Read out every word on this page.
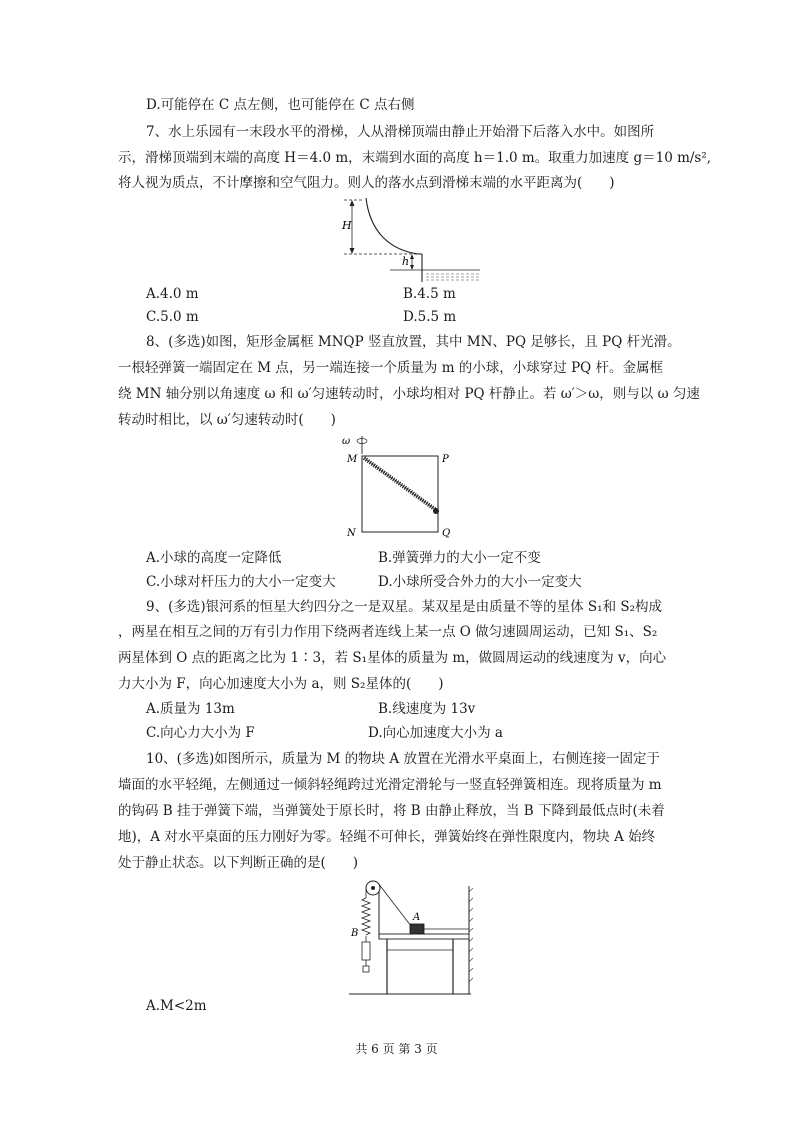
D.可能停在 C 点左侧，也可能停在 C 点右侧
7、水上乐园有一末段水平的滑梯，人从滑梯顶端由静止开始滑下后落入水中。如图所
示，滑梯顶端到末端的高度 H＝4.0 m，末端到水面的高度 h＝1.0 m。取重力加速度 g＝10 m/s²,
将人视为质点，不计摩擦和空气阻力。则人的落水点到滑梯末端的水平距离为(　　)
H
h
A.4.0 m	B.4.5 m
C.5.0 m	D.5.5 m
8、(多选)如图，矩形金属框 MNQP 竖直放置，其中 MN、PQ 足够长，且 PQ 杆光滑。
一根轻弹簧一端固定在 M 点，另一端连接一个质量为 m 的小球，小球穿过 PQ 杆。金属框
绕 MN 轴分别以角速度 ω 和 ω′匀速转动时，小球均相对 PQ 杆静止。若 ω′＞ω，则与以 ω 匀速
转动时相比，以 ω′匀速转动时(　　)
ω
M	P
N	Q
A.小球的高度一定降低	B.弹簧弹力的大小一定不变
C.小球对杆压力的大小一定变大	D.小球所受合外力的大小一定变大
9、(多选)银河系的恒星大约四分之一是双星。某双星是由质量不等的星体 S₁和 S₂构成
，两星在相互之间的万有引力作用下绕两者连线上某一点 O 做匀速圆周运动，已知 S₁、S₂
两星体到 O 点的距离之比为 1∶3，若 S₁星体的质量为 m，做圆周运动的线速度为 v，向心
力大小为 F，向心加速度大小为 a，则 S₂星体的(　　)
A.质量为 13m	B.线速度为 13v
C.向心力大小为 F	D.向心加速度大小为 a
10、(多选)如图所示，质量为 M 的物块 A 放置在光滑水平桌面上，右侧连接一固定于
墙面的水平轻绳，左侧通过一倾斜轻绳跨过光滑定滑轮与一竖直轻弹簧相连。现将质量为 m
的钩码 B 挂于弹簧下端，当弹簧处于原长时，将 B 由静止释放，当 B 下降到最低点时(未着
地)，A 对水平桌面的压力刚好为零。轻绳不可伸长，弹簧始终在弹性限度内，物块 A 始终
处于静止状态。以下判断正确的是(　　)
A
B
A.M<2m
共 6 页 第 3 页
